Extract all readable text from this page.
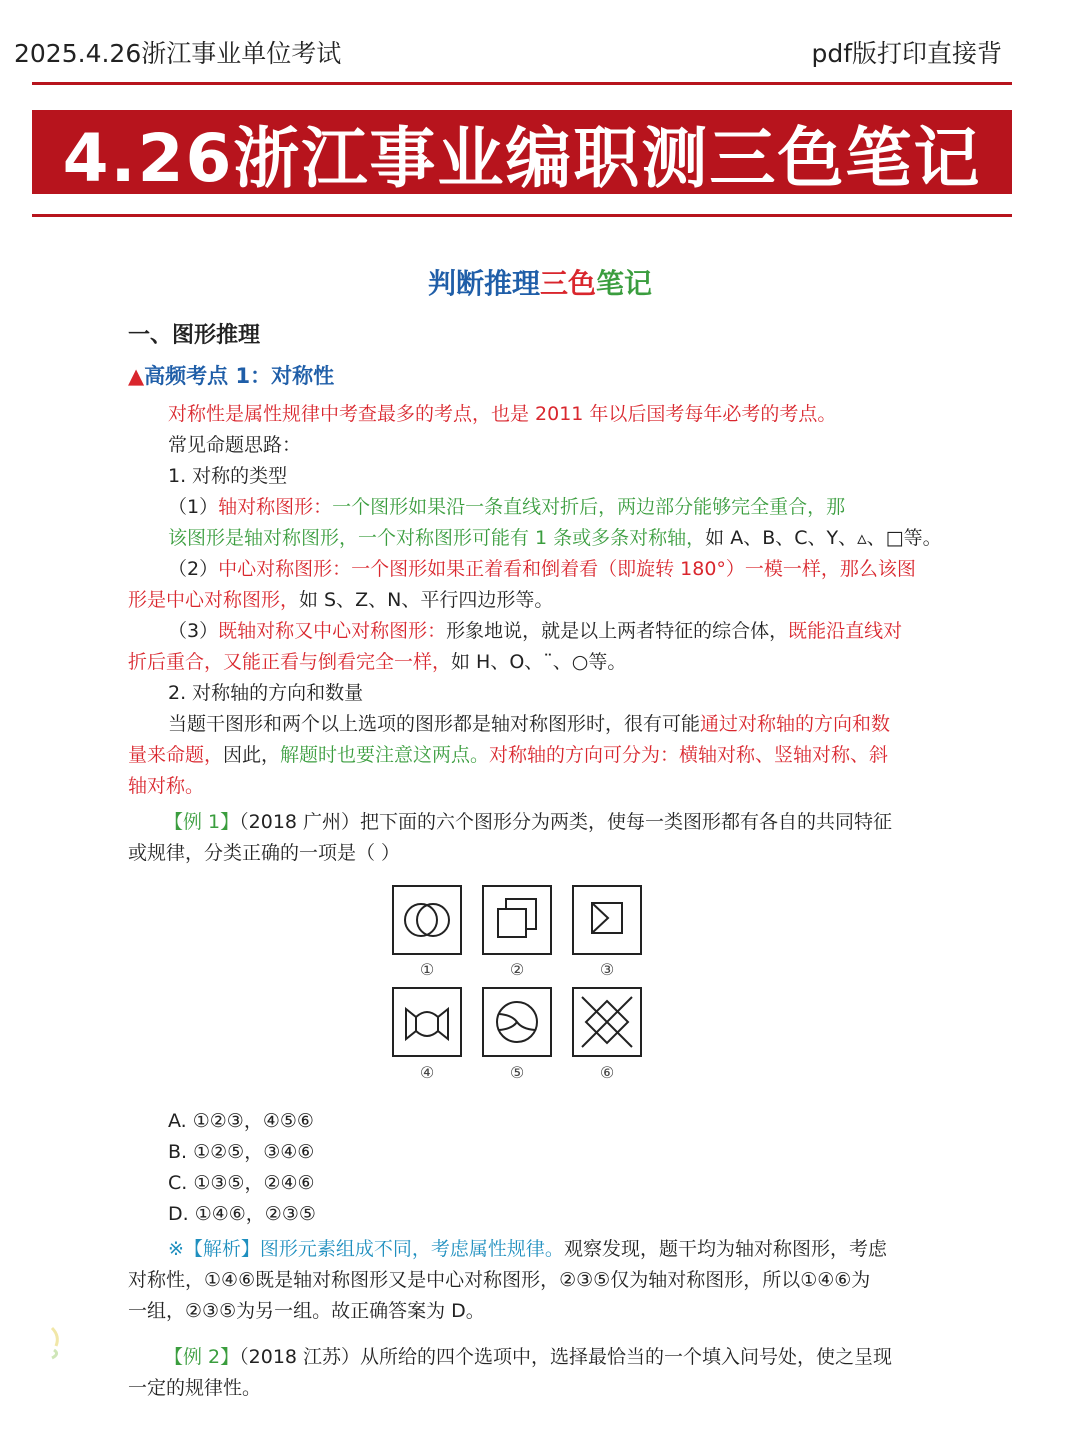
2025.4.26浙江事业单位考试	pdf版打印直接背
4.26浙江事业编职测三色笔记
判断推理三色笔记
一、图形推理
▲高频考点 1：对称性
对称性是属性规律中考查最多的考点，也是 2011 年以后国考每年必考的考点。
常见命题思路：
1. 对称的类型
（1）轴对称图形：一个图形如果沿一条直线对折后，两边部分能够完全重合，那
该图形是轴对称图形，一个对称图形可能有 1 条或多条对称轴，如 A、B、C、Y、▵、□等。
（2）中心对称图形：一个图形如果正着看和倒着看（即旋转 180°）一模一样，那么该图
形是中心对称图形，如 S、Z、N、平行四边形等。
（3）既轴对称又中心对称图形：形象地说，就是以上两者特征的综合体，既能沿直线对
折后重合，又能正看与倒看完全一样，如 H、O、¨、○等。
2. 对称轴的方向和数量
当题干图形和两个以上选项的图形都是轴对称图形时，很有可能通过对称轴的方向和数
量来命题，因此，解题时也要注意这两点。对称轴的方向可分为：横轴对称、竖轴对称、斜
轴对称。
【例 1】（2018 广州）把下面的六个图形分为两类，使每一类图形都有各自的共同特征
或规律，分类正确的一项是（ ）
①	②	③
④	⑤	⑥
A. ①②③，④⑤⑥
B. ①②⑤，③④⑥
C. ①③⑤，②④⑥
D. ①④⑥，②③⑤
※【解析】图形元素组成不同，考虑属性规律。观察发现，题干均为轴对称图形，考虑
对称性，①④⑥既是轴对称图形又是中心对称图形，②③⑤仅为轴对称图形，所以①④⑥为
一组，②③⑤为另一组。故正确答案为 D。
【例 2】（2018 江苏）从所给的四个选项中，选择最恰当的一个填入问号处，使之呈现
一定的规律性。
